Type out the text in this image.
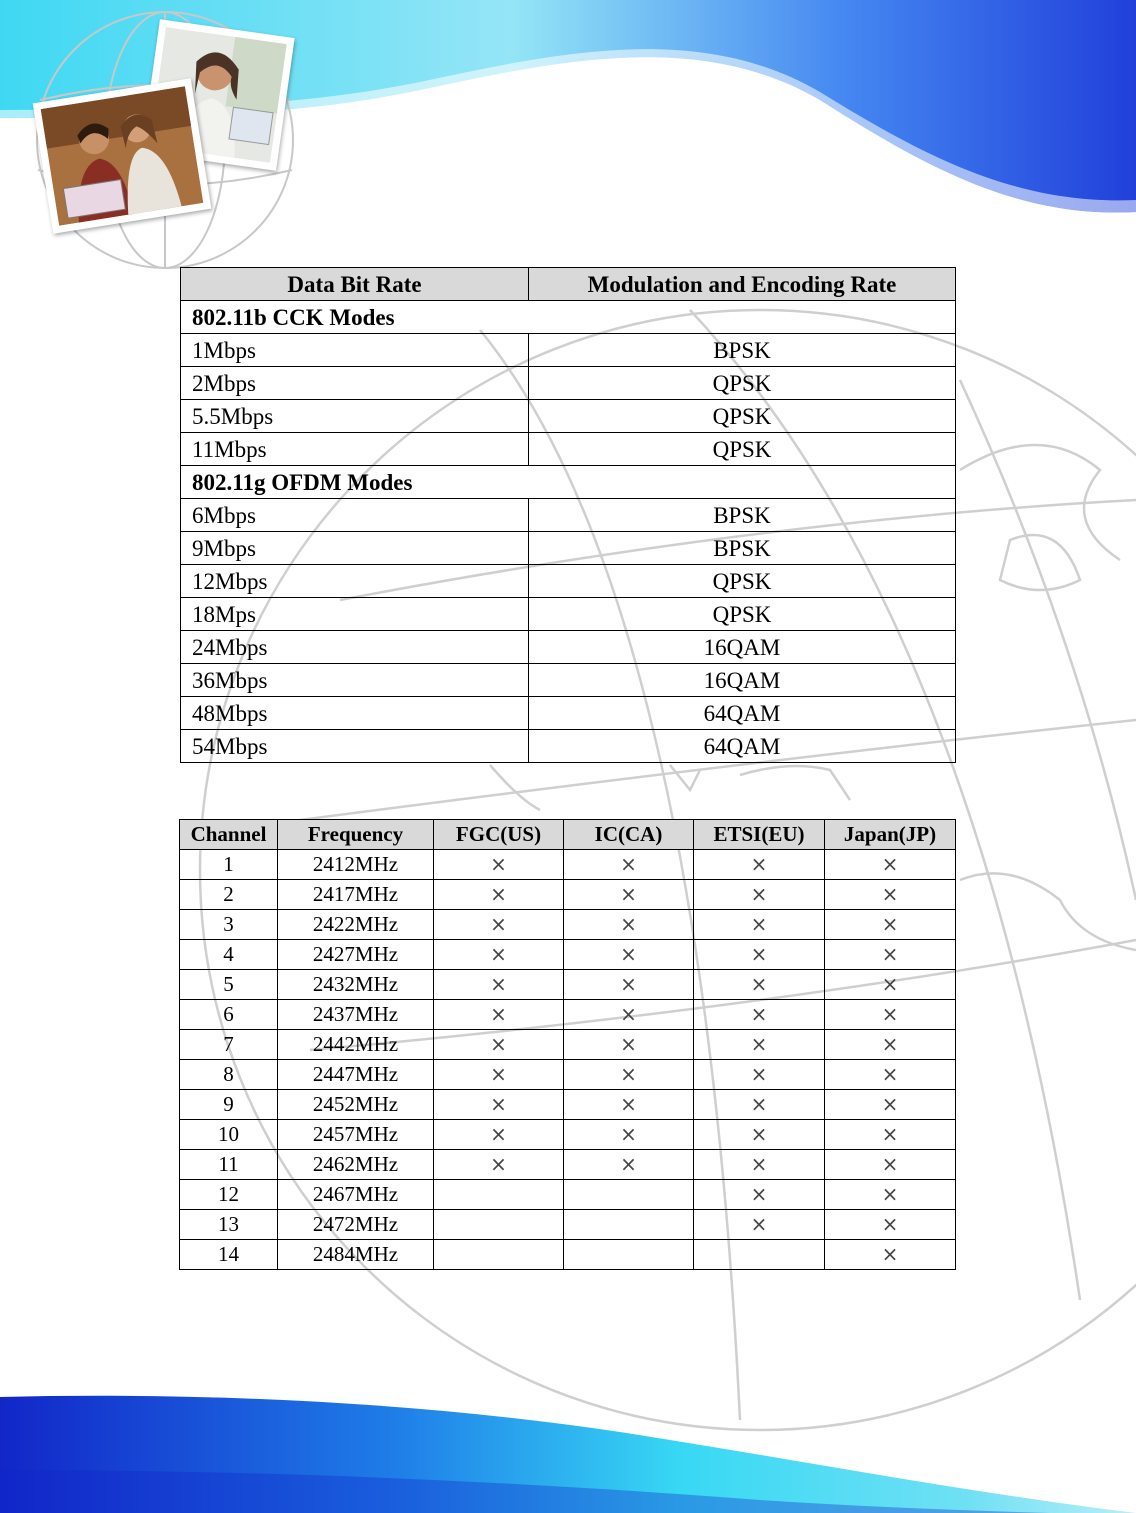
Data Bit Rate	Modulation and Encoding Rate
802.11b CCK Modes	
1Mbps	BPSK
2Mbps	QPSK
5.5Mbps	QPSK
11Mbps	QPSK
802.11g OFDM Modes	
6Mbps	BPSK
9Mbps	BPSK
12Mbps	QPSK
18Mps	QPSK
24Mbps	16QAM
36Mbps	16QAM
48Mbps	64QAM
54Mbps	64QAM
Channel	Frequency	FGC(US)	IC(CA)	ETSI(EU)	Japan(JP)
1	2412MHz	×	×	×	×
2	2417MHz	×	×	×	×
3	2422MHz	×	×	×	×
4	2427MHz	×	×	×	×
5	2432MHz	×	×	×	×
6	2437MHz	×	×	×	×
7	2442MHz	×	×	×	×
8	2447MHz	×	×	×	×
9	2452MHz	×	×	×	×
10	2457MHz	×	×	×	×
11	2462MHz	×	×	×	×
12	2467MHz			×	×
13	2472MHz			×	×
14	2484MHz				×
